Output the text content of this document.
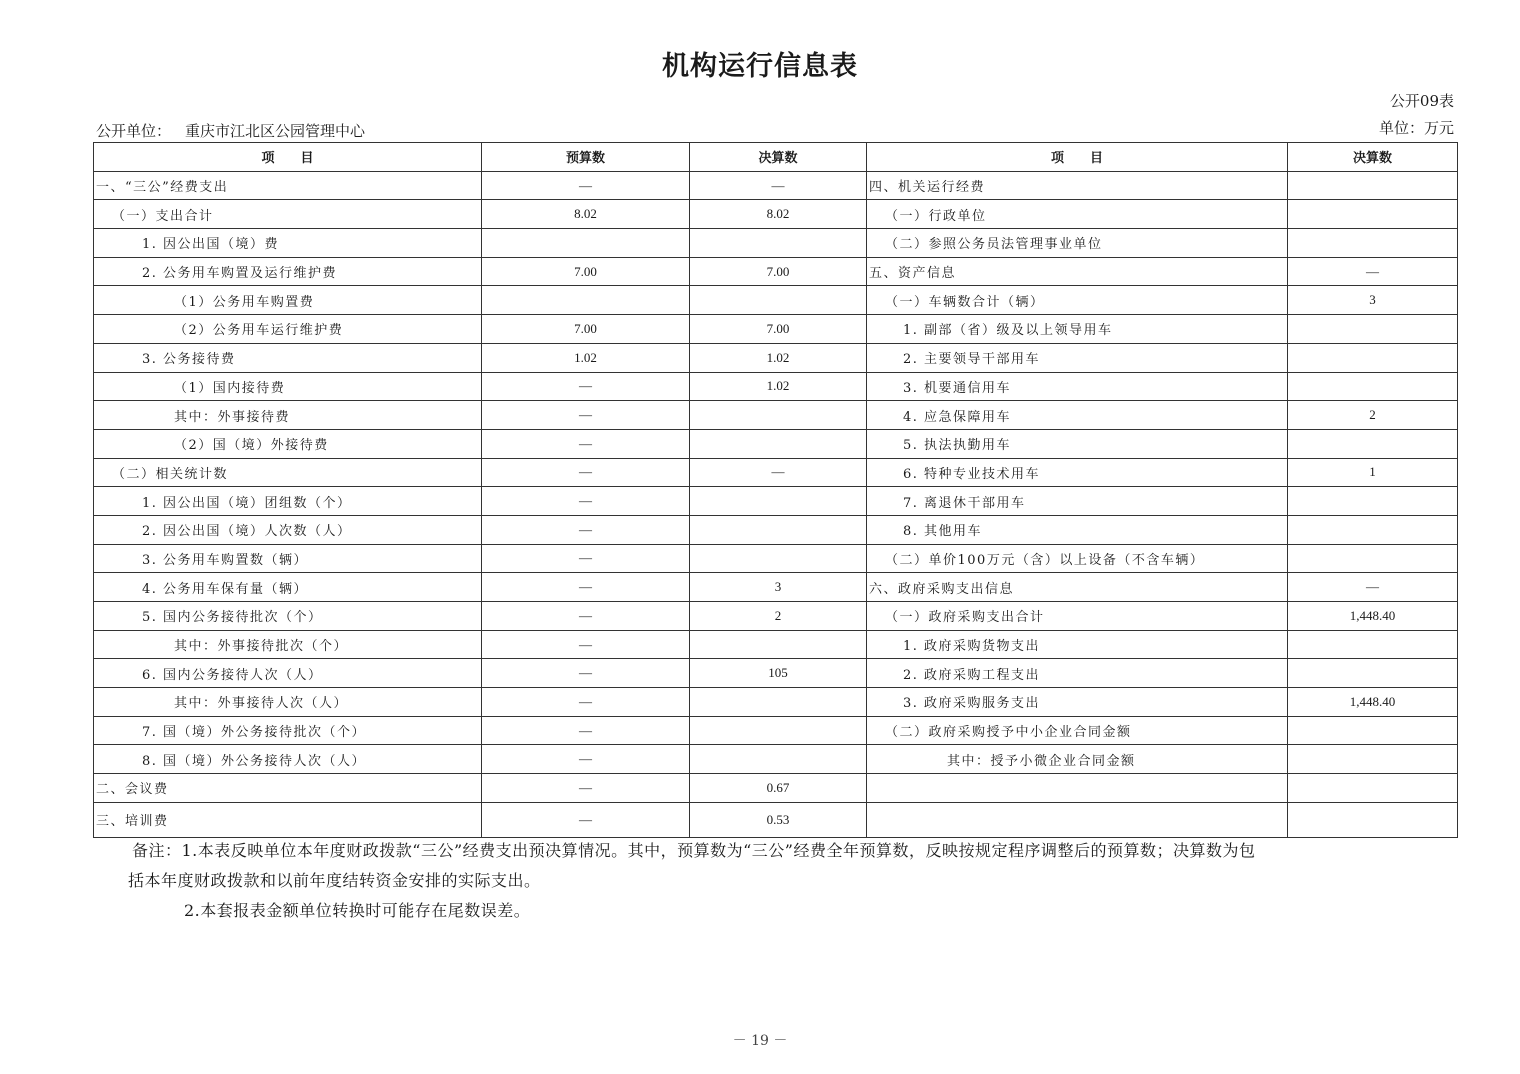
机构运行信息表
公开09表
公开单位： 重庆市江北区公园管理中心	单位：万元
项　　目	预算数	决算数	项　　目	决算数
一、“三公”经费支出	—	—	四、机关运行经费	
（一）支出合计	8.02	8.02	（一）行政单位	
1. 因公出国（境）费			（二）参照公务员法管理事业单位	
2. 公务用车购置及运行维护费	7.00	7.00	五、资产信息	—
（1）公务用车购置费			（一）车辆数合计（辆）	3
（2）公务用车运行维护费	7.00	7.00	1. 副部（省）级及以上领导用车	
3. 公务接待费	1.02	1.02	2. 主要领导干部用车	
（1）国内接待费	—	1.02	3. 机要通信用车	
其中：外事接待费	—		4. 应急保障用车	2
（2）国（境）外接待费	—		5. 执法执勤用车	
（二）相关统计数	—	—	6. 特种专业技术用车	1
1. 因公出国（境）团组数（个）	—		7. 离退休干部用车	
2. 因公出国（境）人次数（人）	—		8. 其他用车	
3. 公务用车购置数（辆）	—		（二）单价100万元（含）以上设备（不含车辆）	
4. 公务用车保有量（辆）	—	3	六、政府采购支出信息	—
5. 国内公务接待批次（个）	—	2	（一）政府采购支出合计	1,448.40
其中：外事接待批次（个）	—		1. 政府采购货物支出	
6. 国内公务接待人次（人）	—	105	2. 政府采购工程支出	
其中：外事接待人次（人）	—		3. 政府采购服务支出	1,448.40
7. 国（境）外公务接待批次（个）	—		（二）政府采购授予中小企业合同金额	
8. 国（境）外公务接待人次（人）	—		其中：授予小微企业合同金额	
二、会议费	—	0.67		
三、培训费	—	0.53		
备注：1.本表反映单位本年度财政拨款“三公”经费支出预决算情况。其中，预算数为“三公”经费全年预算数，反映按规定程序调整后的预算数；决算数为包
括本年度财政拨款和以前年度结转资金安排的实际支出。
2.本套报表金额单位转换时可能存在尾数误差。
－ 19 －
